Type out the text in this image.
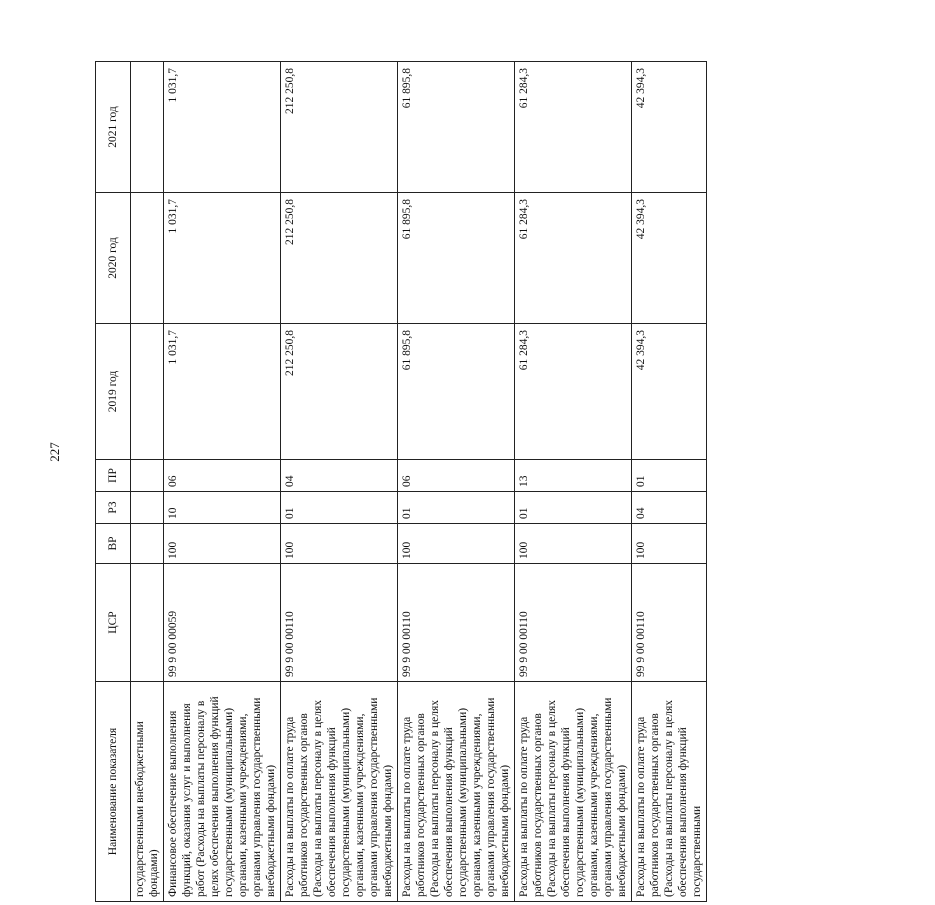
227
Наименование показателя	ЦСР	ВР	РЗ	ПР	2019 год	2020 год	2021 год
государственными внебюджетными фондами)							
Финансовое обеспечение выполнения функций, оказания услуг и выполнения работ (Расходы на выплаты персоналу в целях обеспечения выполнения функций государственными (муниципальными) органами, казенными учреждениями, органами управления государственными внебюджетными фондами)	99 9 00 00059	100	10	06	1 031,7	1 031,7	1 031,7
Расходы на выплаты по оплате труда работников государственных органов (Расходы на выплаты персоналу в целях обеспечения выполнения функций государственными (муниципальными) органами, казенными учреждениями, органами управления государственными внебюджетными фондами)	99 9 00 00110	100	01	04	212 250,8	212 250,8	212 250,8
Расходы на выплаты по оплате труда работников государственных органов (Расходы на выплаты персоналу в целях обеспечения выполнения функций государственными (муниципальными) органами, казенными учреждениями, органами управления государственными внебюджетными фондами)	99 9 00 00110	100	01	06	61 895,8	61 895,8	61 895,8
Расходы на выплаты по оплате труда работников государственных органов (Расходы на выплаты персоналу в целях обеспечения выполнения функций государственными (муниципальными) органами, казенными учреждениями, органами управления государственными внебюджетными фондами)	99 9 00 00110	100	01	13	61 284,3	61 284,3	61 284,3
Расходы на выплаты по оплате труда работников государственных органов (Расходы на выплаты персоналу в целях обеспечения выполнения функций государственными	99 9 00 00110	100	04	01	42 394,3	42 394,3	42 394,3
